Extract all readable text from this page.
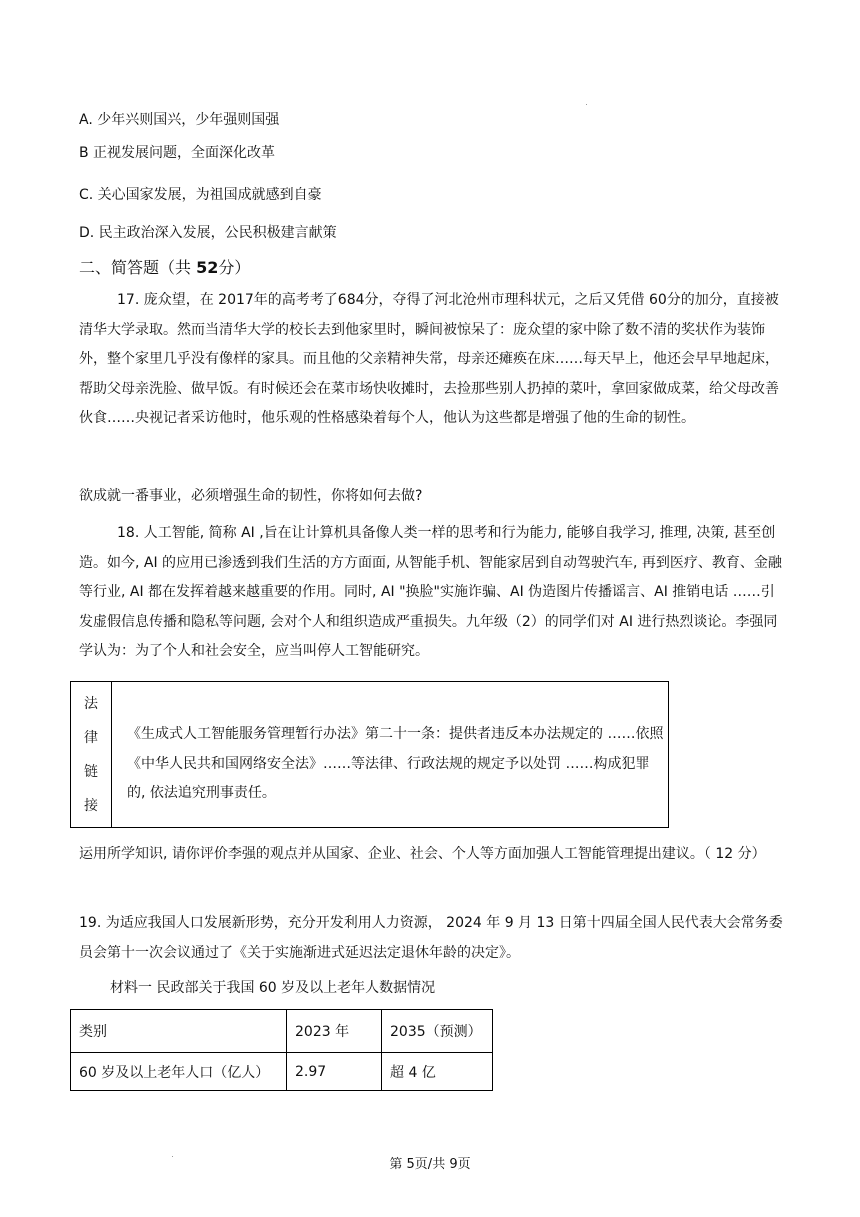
A. 少年兴则国兴，少年强则国强
B 正视发展问题，全面深化改革
C. 关心国家发展，为祖国成就感到自豪
D. 民主政治深入发展，公民积极建言献策
二、简答题（共 52分）
17. 庞众望，在 2017年的高考考了684分，夺得了河北沧州市理科状元，之后又凭借 60分的加分，直接被清华大学录取。然而当清华大学的校长去到他家里时，瞬间被惊呆了：庞众望的家中除了数不清的奖状作为装饰外，整个家里几乎没有像样的家具。而且他的父亲精神失常，母亲还瘫痪在床……每天早上，他还会早早地起床，帮助父母亲洗脸、做早饭。有时候还会在菜市场快收摊时，去捡那些别人扔掉的菜叶，拿回家做成菜，给父母改善伙食……央视记者采访他时，他乐观的性格感染着每个人，他认为这些都是增强了他的生命的韧性。
欲成就一番事业，必须增强生命的韧性，你将如何去做?
18. 人工智能, 简称 AI ,旨在让计算机具备像人类一样的思考和行为能力, 能够自我学习, 推理, 决策, 甚至创造。如今, AI 的应用已渗透到我们生活的方方面面, 从智能手机、智能家居到自动驾驶汽车, 再到医疗、教育、金融等行业, AI 都在发挥着越来越重要的作用。同时, AI "换脸"实施诈骗、AI 伪造图片传播谣言、AI 推销电话 ……引发虚假信息传播和隐私等问题, 会对个人和组织造成严重损失。九年级（2）的同学们对 AI 进行热烈谈论。李强同学认为：为了个人和社会安全，应当叫停人工智能研究。
法
律
链
接
《生成式人工智能服务管理暂行办法》第二十一条：提供者违反本办法规定的 ……依照《中华人民共和国网络安全法》……等法律、行政法规的规定予以处罚 ……构成犯罪的, 依法追究刑事责任。
运用所学知识, 请你评价李强的观点并从国家、企业、社会、个人等方面加强人工智能管理提出建议。（ 12 分）
19. 为适应我国人口发展新形势，充分开发利用人力资源， 2024 年 9 月 13 日第十四届全国人民代表大会常务委员会第十一次会议通过了《关于实施渐进式延迟法定退休年龄的决定》。
材料一 民政部关于我国 60 岁及以上老年人数据情况
类别	2023 年	2035（预测）
60 岁及以上老年人口（亿人）	2.97	超 4 亿
第 5页/共 9页
